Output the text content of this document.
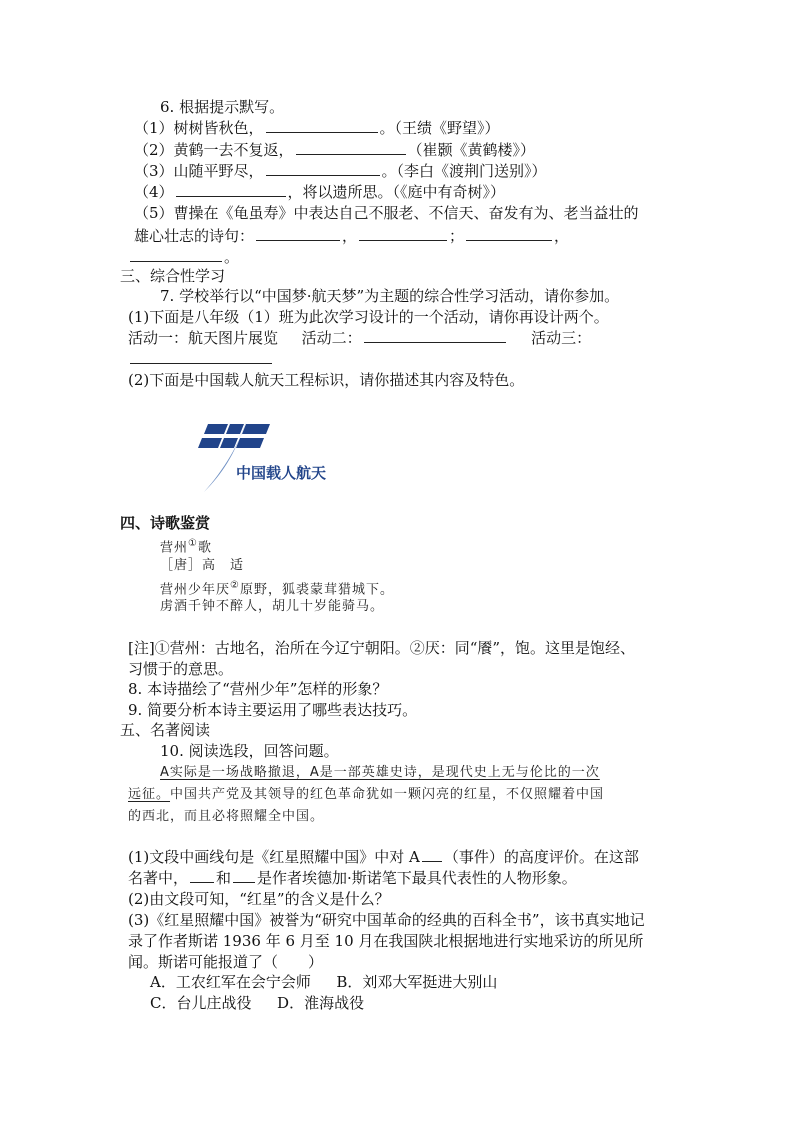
6. 根据提示默写。
（1）树树皆秋色，	。（王绩《野望》）
（2）黄鹤一去不复返，	（崔颢《黄鹤楼》）
（3）山随平野尽，	。（李白《渡荆门送别》）
（4）	，将以遗所思。（《庭中有奇树》）
（5）曹操在《龟虽寿》中表达自己不服老、不信天、奋发有为、老当益壮的
雄心壮志的诗句：	，	；	，
。
三、综合性学习
7. 学校举行以“中国梦·航天梦”为主题的综合性学习活动，请你参加。
(1)下面是八年级（1）班为此次学习设计的一个活动，请你再设计两个。
活动一：航天图片展览 活动二：	活动三：
(2)下面是中国载人航天工程标识，请你描述其内容及特色。
中国载人航天
四、诗歌鉴赏
营州①歌
［唐］高　适
营州少年厌②原野，狐裘蒙茸猎城下。
虏酒千钟不醉人，胡儿十岁能骑马。
[注]①营州：古地名，治所在今辽宁朝阳。②厌：同“餍”，饱。这里是饱经、
习惯于的意思。
8. 本诗描绘了“营州少年”怎样的形象？
9. 简要分析本诗主要运用了哪些表达技巧。
五、名著阅读
10. 阅读选段，回答问题。
A实际是一场战略撤退，A是一部英雄史诗，是现代史上无与伦比的一次
远征。中国共产党及其领导的红色革命犹如一颗闪亮的红星，不仅照耀着中国
的西北，而且必将照耀全中国。
(1)文段中画线句是《红星照耀中国》中对 A （事件）的高度评价。在这部
名著中， 和 是作者埃德加·斯诺笔下最具代表性的人物形象。
(2)由文段可知，“红星”的含义是什么？
(3)《红星照耀中国》被誉为“研究中国革命的经典的百科全书”，该书真实地记
录了作者斯诺 1936 年 6 月至 10 月在我国陕北根据地进行实地采访的所见所
闻。斯诺可能报道了（　　）
A．工农红军在会宁会师 B．刘邓大军挺进大别山
C．台儿庄战役 D．淮海战役
